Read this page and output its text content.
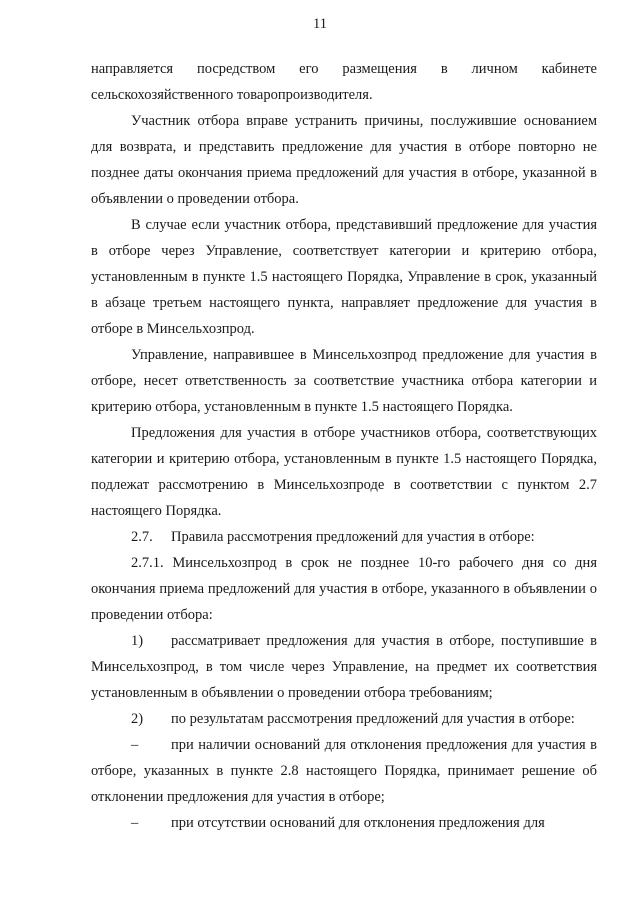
11

направляется посредством его размещения в личном кабинете сельскохозяйственного товаропроизводителя.

Участник отбора вправе устранить причины, послужившие основанием для возврата, и представить предложение для участия в отборе повторно не позднее даты окончания приема предложений для участия в отборе, указанной в объявлении о проведении отбора.

В случае если участник отбора, представивший предложение для участия в отборе через Управление, соответствует категории и критерию отбора, установленным в пункте 1.5 настоящего Порядка, Управление в срок, указанный в абзаце третьем настоящего пункта, направляет предложение для участия в отборе в Минсельхозпрод.

Управление, направившее в Минсельхозпрод предложение для участия в отборе, несет ответственность за соответствие участника отбора категории и критерию отбора, установленным в пункте 1.5 настоящего Порядка.

Предложения для участия в отборе участников отбора, соответствующих категории и критерию отбора, установленным в пункте 1.5 настоящего Порядка, подлежат рассмотрению в Минсельхозпроде в соответствии с пунктом 2.7 настоящего Порядка.

2.7. Правила рассмотрения предложений для участия в отборе:

2.7.1. Минсельхозпрод в срок не позднее 10-го рабочего дня со дня окончания приема предложений для участия в отборе, указанного в объявлении о проведении отбора:

1) рассматривает предложения для участия в отборе, поступившие в Минсельхозпрод, в том числе через Управление, на предмет их соответствия установленным в объявлении о проведении отбора требованиям;

2) по результатам рассмотрения предложений для участия в отборе:

– при наличии оснований для отклонения предложения для участия в отборе, указанных в пункте 2.8 настоящего Порядка, принимает решение об отклонении предложения для участия в отборе;

– при отсутствии оснований для отклонения предложения для
